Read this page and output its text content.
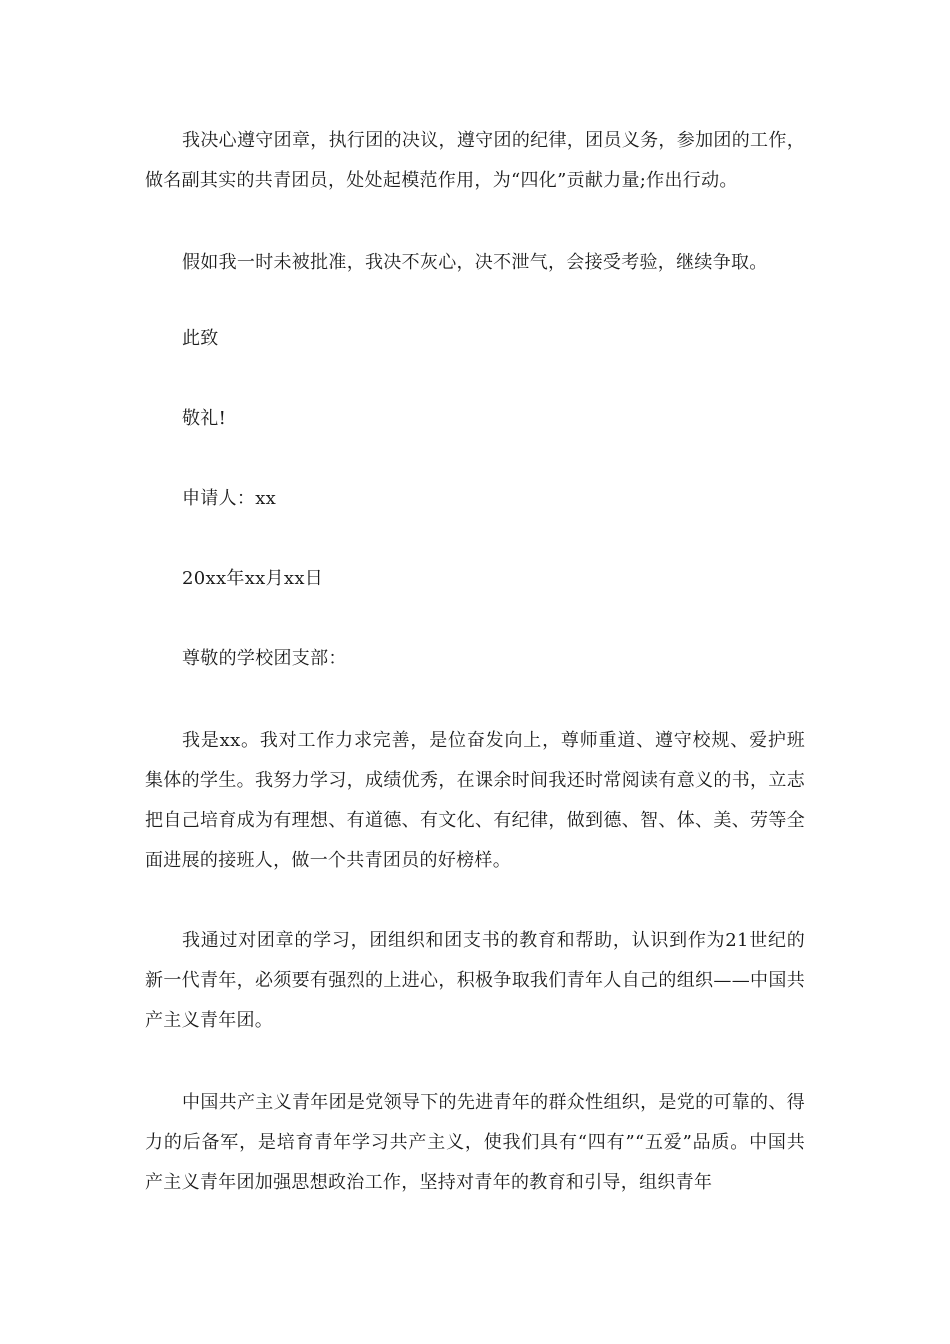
我决心遵守团章，执行团的决议，遵守团的纪律，团员义务，参加团的工作，做名副其实的共青团员，处处起模范作用，为“四化”贡献力量;作出行动。

假如我一时未被批准，我决不灰心，决不泄气，会接受考验，继续争取。

此致

敬礼!

申请人：xx

20xx年xx月xx日

尊敬的学校团支部：

我是xx。我对工作力求完善，是位奋发向上，尊师重道、遵守校规、爱护班集体的学生。我努力学习，成绩优秀，在课余时间我还时常阅读有意义的书，立志把自己培育成为有理想、有道德、有文化、有纪律，做到德、智、体、美、劳等全面进展的接班人，做一个共青团员的好榜样。

我通过对团章的学习，团组织和团支书的教育和帮助，认识到作为21世纪的新一代青年，必须要有强烈的上进心，积极争取我们青年人自己的组织——中国共产主义青年团。

中国共产主义青年团是党领导下的先进青年的群众性组织，是党的可靠的、得力的后备军，是培育青年学习共产主义，使我们具有“四有”“五爱”品质。中国共产主义青年团加强思想政治工作，坚持对青年的教育和引导，组织青年
